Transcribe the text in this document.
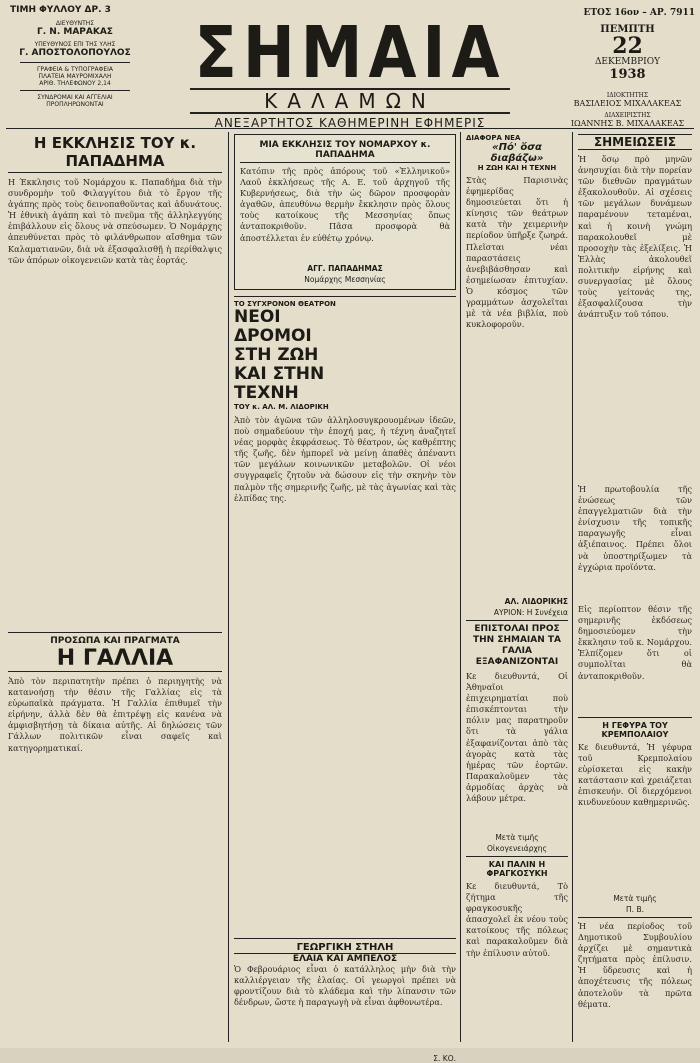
ΤΙΜΗ ΦΥΛΛΟΥ ΔΡ. 3
ΔΙΕΥΘΥΝΤΗΣ
Γ. Ν. ΜΑΡΑΚΑΣ
ΥΠΕΥΘΥΝΟΣ ΕΠΙ ΤΗΣ ΥΛΗΣ
Γ. ΑΠΟΣΤΟΛΟΠΟΥΛΟΣ
ΓΡΑΦΕΙΑ & ΤΥΠΟΓΡΑΦΕΙΑ
ΠΛΑΤΕΙΑ ΜΑΥΡΟΜΙΧΑΛΗ
ΑΡΙΘ. ΤΗΛΕΦΩΝΟΥ 2,14
ΣΥΝΔΡΟΜΑΙ ΚΑΙ ΑΓΓΕΛΙΑΙ
ΠΡΟΠΛΗΡΩΝΟΝΤΑΙ
ΣΗΜΑΙΑ
ΚΑΛΑΜΩΝ
ΑΝΕΞΑΡΤΗΤΟΣ ΚΑΘΗΜΕΡΙΝΗ ΕΦΗΜΕΡΙΣ
ΕΤΟΣ 16ον – ΑΡ. 7911
ΠΕΜΠΤΗ
22
ΔΕΚΕΜΒΡΙΟΥ
1938
ΙΔΙΟΚΤΗΤΗΣ
ΒΑΣΙΛΕΙΟΣ ΜΙΧΑΛΑΚΕΑΣ
ΔΙΑΧΕΙΡΙΣΤΗΣ
ΙΩΑΝΝΗΣ Β. ΜΙΧΑΛΑΚΕΑΣ
Η ΕΚΚΛΗΣΙΣ ΤΟΥ κ. ΠΑΠΑΔΗΜΑ
Η Έκκλησις τοῦ Νομάρχου κ. Παπαδήμα διὰ τὴν συνδρομὴν τοῦ Φιλαγγίτου διὰ τὸ ἔργον τῆς ἀγάπης πρὸς τοὺς δεινοπαθοῦντας καὶ ἀδυνάτους. Ἡ ἐθνικὴ ἀγάπη καὶ τὸ πνεῦμα τῆς ἀλληλεγγύης ἐπιβάλλουν εἰς ὅλους νὰ σπεύσωμεν. Ὁ Νομάρχης ἀπευθύνεται πρὸς τὸ φιλάνθρωπον αἴσθημα τῶν Καλαματιανῶν, διὰ νὰ ἐξασφαλισθῇ ἡ περίθαλψις τῶν ἀπόρων οἰκογενειῶν κατὰ τὰς ἑορτάς.
ΠΡΟΣΩΠΑ ΚΑΙ ΠΡΑΓΜΑΤΑ
Η ΓΑΛΛΙΑ
Ἀπὸ τὸν περιπατητὴν πρέπει ὁ περιηγητὴς νὰ κατανοήσῃ τὴν θέσιν τῆς Γαλλίας εἰς τὰ εὐρωπαϊκὰ πράγματα. Ἡ Γαλλία ἐπιθυμεῖ τὴν εἰρήνην, ἀλλὰ δὲν θὰ ἐπιτρέψῃ εἰς κανένα νὰ ἀμφισβητήσῃ τὰ δίκαια αὐτῆς. Αἱ δηλώσεις τῶν Γάλλων πολιτικῶν εἶναι σαφεῖς καὶ κατηγορηματικαί.
ΜΙΑ ΕΚΚΛΗΣΙΣ ΤΟΥ ΝΟΜΑΡΧΟΥ κ. ΠΑΠΑΔΗΜΑ
Κατόπιν τῆς πρὸς ἀπόρους τοῦ «Ἑλληνικοῦ» Λαοῦ ἐκκλήσεως τῆς Α. Ε. τοῦ ἀρχηγοῦ τῆς Κυβερνήσεως, διὰ τὴν ὡς δῶρον προσφορὰν ἀγαθῶν, ἀπευθύνω θερμὴν ἔκκλησιν πρὸς ὅλους τοὺς κατοίκους τῆς Μεσσηνίας ὅπως ἀνταποκριθοῦν. Πᾶσα προσφορὰ θὰ ἀποστέλλεται ἐν εὐθέτῳ χρόνῳ.
ΑΓΓ. ΠΑΠΑΔΗΜΑΣ
Νομάρχης Μεσσηνίας
ΤΟ ΣΥΓΧΡΟΝΟΝ ΘΕΑΤΡΟΝ
ΝΕΟΙ ΔΡΟΜΟΙ ΣΤΗ ΖΩΗ ΚΑΙ ΣΤΗΝ ΤΕΧΝΗ
ΤΟΥ κ. ΑΛ. Μ. ΛΙΔΟΡΙΚΗ
Ἀπὸ τὸν ἀγῶνα τῶν ἀλληλοσυγκρουομένων ἰδεῶν, ποὺ σημαδεύουν τὴν ἐποχή μας, ἡ τέχνη ἀναζητεῖ νέας μορφὰς ἐκφράσεως. Τὸ θέατρον, ὡς καθρέπτης τῆς ζωῆς, δὲν ἠμπορεῖ νὰ μείνῃ ἀπαθὲς ἀπέναντι τῶν μεγάλων κοινωνικῶν μεταβολῶν. Οἱ νέοι συγγραφεῖς ζητοῦν νὰ δώσουν εἰς τὴν σκηνὴν τὸν παλμὸν τῆς σημερινῆς ζωῆς, μὲ τὰς ἀγωνίας καὶ τὰς ἐλπίδας της.
ΓΕΩΡΓΙΚΗ ΣΤΗΛΗ
ΕΛΑΙΑ ΚΑΙ ΑΜΠΕΛΟΣ
Ὁ Φεβρουάριος εἶναι ὁ κατάλληλος μὴν διὰ τὴν καλλιέργειαν τῆς ἐλαίας. Οἱ γεωργοὶ πρέπει νὰ φροντίζουν διὰ τὸ κλάδεμα καὶ τὴν λίπανσιν τῶν δένδρων, ὥστε ἡ παραγωγὴ νὰ εἶναι ἀφθονωτέρα.
Σ. ΚΟ.
ΔΙΑΦΟΡΑ ΝΕΑ
«Πό' ὅσα διαβάζω»
Η ΖΩΗ ΚΑΙ Η ΤΕΧΝΗ
Στὰς Παρισινὰς ἐφημερίδας δημοσιεύεται ὅτι ἡ κίνησις τῶν θεάτρων κατὰ τὴν χειμερινὴν περίοδον ὑπῆρξε ζωηρά. Πλεῖσται νέαι παραστάσεις ἀνεβιβάσθησαν καὶ ἐσημείωσαν ἐπιτυχίαν. Ὁ κόσμος τῶν γραμμάτων ἀσχολεῖται μὲ τὰ νέα βιβλία, ποὺ κυκλοφοροῦν.
ΑΛ. ΛΙΔΟΡΙΚΗΣ
ΑΥΡΙΟΝ: Η Συνέχεια
ΕΠΙΣΤΟΛΑΙ ΠΡΟΣ ΤΗΝ ΣΗΜΑΙΑΝ ΤΑ ΓΑΛΙΑ ΕΞΑΦΑΝΙΖΟΝΤΑΙ
Κε διευθυντά, Οἱ Ἀθηναῖοι ἐπιχειρηματίαι ποὺ ἐπισκέπτονται τὴν πόλιν μας παρατηροῦν ὅτι τὰ γάλια ἐξαφανίζονται ἀπὸ τὰς ἀγορὰς κατὰ τὰς ἡμέρας τῶν ἑορτῶν. Παρακαλοῦμεν τὰς ἁρμοδίας ἀρχὰς νὰ λάβουν μέτρα.
Μετὰ τιμῆς
Οἰκογενειάρχης
ΚΑΙ ΠΑΛΙΝ Η ΦΡΑΓΚΟΣΥΚΗ
Κε διευθυντά, Τὸ ζήτημα τῆς φραγκοσυκῆς ἀπασχολεῖ ἐκ νέου τοὺς κατοίκους τῆς πόλεως καὶ παρακαλοῦμεν διὰ τὴν ἐπίλυσιν αὐτοῦ.
ΣΗΜΕΙΩΣΕΙΣ
Ἠ ὅσῳ πρὸ μηνῶν ἀνησυχίαι διὰ τὴν πορείαν τῶν διεθνῶν πραγμάτων ἐξακολουθοῦν. Αἱ σχέσεις τῶν μεγάλων δυνάμεων παραμένουν τεταμέναι, καὶ ἡ κοινὴ γνώμη παρακολουθεῖ μὲ προσοχὴν τὰς ἐξελίξεις. Ἡ Ἑλλὰς ἀκολουθεῖ πολιτικὴν εἰρήνης καὶ συνεργασίας μὲ ὅλους τοὺς γείτονάς της, ἐξασφαλίζουσα τὴν ἀνάπτυξιν τοῦ τόπου.
Ἡ πρωτοβουλία τῆς ἑνώσεως τῶν ἐπαγγελματιῶν διὰ τὴν ἐνίσχυσιν τῆς τοπικῆς παραγωγῆς εἶναι ἀξιέπαινος. Πρέπει ὅλοι νὰ ὑποστηρίξωμεν τὰ ἐγχώρια προϊόντα.
Εἰς περίοπτον θέσιν τῆς σημερινῆς ἐκδόσεως δημοσιεύομεν τὴν ἔκκλησιν τοῦ κ. Νομάρχου. Ἐλπίζομεν ὅτι οἱ συμπολῖται θὰ ἀνταποκριθοῦν.
Η ΓΕΦΥΡΑ ΤΟΥ ΚΡΕΜΠΟΛΑΙΟΥ
Κε διευθυντά, Ἡ γέφυρα τοῦ Κρεμπολαίου εὑρίσκεται εἰς κακὴν κατάστασιν καὶ χρειάζεται ἐπισκευήν. Οἱ διερχόμενοι κινδυνεύουν καθημερινῶς.
Μετὰ τιμῆς
Π. Β.
Ἡ νέα περίοδος τοῦ Δημοτικοῦ Συμβουλίου ἀρχίζει μὲ σημαντικὰ ζητήματα πρὸς ἐπίλυσιν. Ἡ ὕδρευσις καὶ ἡ ἀποχέτευσις τῆς πόλεως ἀποτελοῦν τὰ πρῶτα θέματα.
